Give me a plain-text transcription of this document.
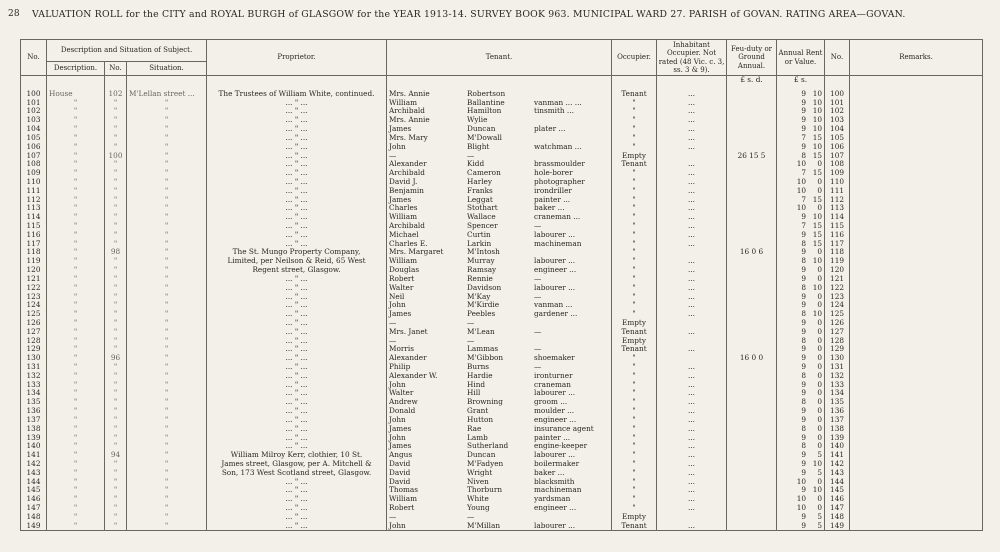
28	VALUATION ROLL for the CITY and ROYAL BURGH of GLASGOW for the YEAR 1913-14. SURVEY BOOK 963. MUNICIPAL WARD 27. PARISH of GOVAN. RATING AREA—GOVAN.
No.	Description and Situation of Subject.			Proprietor.	Tenant.	Occupier.	Inhabitant Occupier. Not rated (48 Vic. c. 3, ss. 3 & 9).	Feu-duty or Ground Annual.	Annual Rent or Value.	No.	Remarks.
	Description.	No.	Situation.								
								£ s. d.	£ s.		
100	House	102	M'Lellan street ...	The Trustees of William White, continued.	Mrs. Annie Robertson	Tenant	...		9 10	100	
101	"	"	"	... " ...	William Ballantine vanman ... ...	"	...		9 10	101	
102	"	"	"	... " ...	Archibald Hamilton tinsmith ...	"	...		9 10	102	
103	"	"	"	... " ...	Mrs. Annie Wylie	"	...		9 10	103	
104	"	"	"	... " ...	James Duncan plater ...	"	...		9 10	104	
105	"	"	"	... " ...	Mrs. Mary M'Dowall	"	...		7 15	105	
106	"	"	"	... " ...	John Blight watchman ...	"	...		9 10	106	
107	"	100	"	... " ...	— —	Empty		26 15 5	8 15	107	
108	"	"	"	... " ...	Alexander Kidd brassmoulder	Tenant	...		10 0	108	
109	"	"	"	... " ...	Archibald Cameron hole-borer	"	...		7 15	109	
110	"	"	"	... " ...	David J. Harley photographer	"	...		10 0	110	
111	"	"	"	... " ...	Benjamin Franks irondriller	"	...		10 0	111	
112	"	"	"	... " ...	James Leggat painter ...	"	...		7 15	112	
113	"	"	"	... " ...	Charles Stothart baker ...	"	...		10 0	113	
114	"	"	"	... " ...	William Wallace craneman ...	"	...		9 10	114	
115	"	"	"	... " ...	Archibald Spencer —	"	...		7 15	115	
116	"	"	"	... " ...	Michael Curtin labourer ...	"	...		9 15	116	
117	"	"	"	... " ...	Charles E. Larkin machineman	"	...		8 15	117	
118	"	98	"	The St. Mungo Property Company,	Mrs. Margaret M'Intosh	"		16 0 6	9 0	118	
119	"	"	"	Limited, per Neilson & Reid, 65 West	William Murray labourer ...	"	...		8 10	119	
120	"	"	"	Regent street, Glasgow.	Douglas Ramsay engineer ...	"	...		9 0	120	
121	"	"	"	... " ...	Robert Rennie —	"	...		9 0	121	
122	"	"	"	... " ...	Walter Davidson labourer ...	"	...		8 10	122	
123	"	"	"	... " ...	Neil M'Kay —	"	...		9 0	123	
124	"	"	"	... " ...	John M'Kirdie vanman ...	"	...		9 0	124	
125	"	"	"	... " ...	James Peebles gardener ...	"	...		8 10	125	
126	"	"	"	... " ...	— —	Empty			9 0	126	
127	"	"	"	... " ...	Mrs. Janet M'Lean —	Tenant	...		9 0	127	
128	"	"	"	... " ...	— —	Empty			8 0	128	
129	"	"	"	... " ...	Morris Lammas —	Tenant	...		9 0	129	
130	"	96	"	... " ...	Alexander M'Gibbon shoemaker	"		16 0 0	9 0	130	
131	"	"	"	... " ...	Philip Burns —	"	...		9 0	131	
132	"	"	"	... " ...	Alexander W. Hardie ironturner	"	...		8 0	132	
133	"	"	"	... " ...	John Hind craneman	"	...		9 0	133	
134	"	"	"	... " ...	Walter Hill labourer ...	"	...		9 0	134	
135	"	"	"	... " ...	Andrew Browning groom ...	"	...		8 0	135	
136	"	"	"	... " ...	Donald Grant moulder ...	"	...		9 0	136	
137	"	"	"	... " ...	John Hutton engineer ...	"	...		9 0	137	
138	"	"	"	... " ...	James Rae insurance agent	"	...		8 0	138	
139	"	"	"	... " ...	John Lamb painter ...	"	...		9 0	139	
140	"	"	"	... " ...	James Sutherland engine-keeper	"	...		8 0	140	
141	"	94	"	William Milroy Kerr, clothier, 10 St.	Angus Duncan labourer ...	"	...		9 5	141	
142	"	"	"	James street, Glasgow, per A. Mitchell &	David M'Fadyen boilermaker	"	...		9 10	142	
143	"	"	"	Son, 173 West Scotland street, Glasgow.	David Wright baker ...	"	...		9 5	143	
144	"	"	"	... " ...	David Niven blacksmith	"	...		10 0	144	
145	"	"	"	... " ...	Thomas Thorburn machineman	"	...		9 10	145	
146	"	"	"	... " ...	William White yardsman	"	...		10 0	146	
147	"	"	"	... " ...	Robert Young engineer ...	"	...		10 0	147	
148	"	"	"	... " ...	— —	Empty			9 5	148	
149	"	"	"	... " ...	John M'Millan labourer ...	Tenant	...		9 5	149	
